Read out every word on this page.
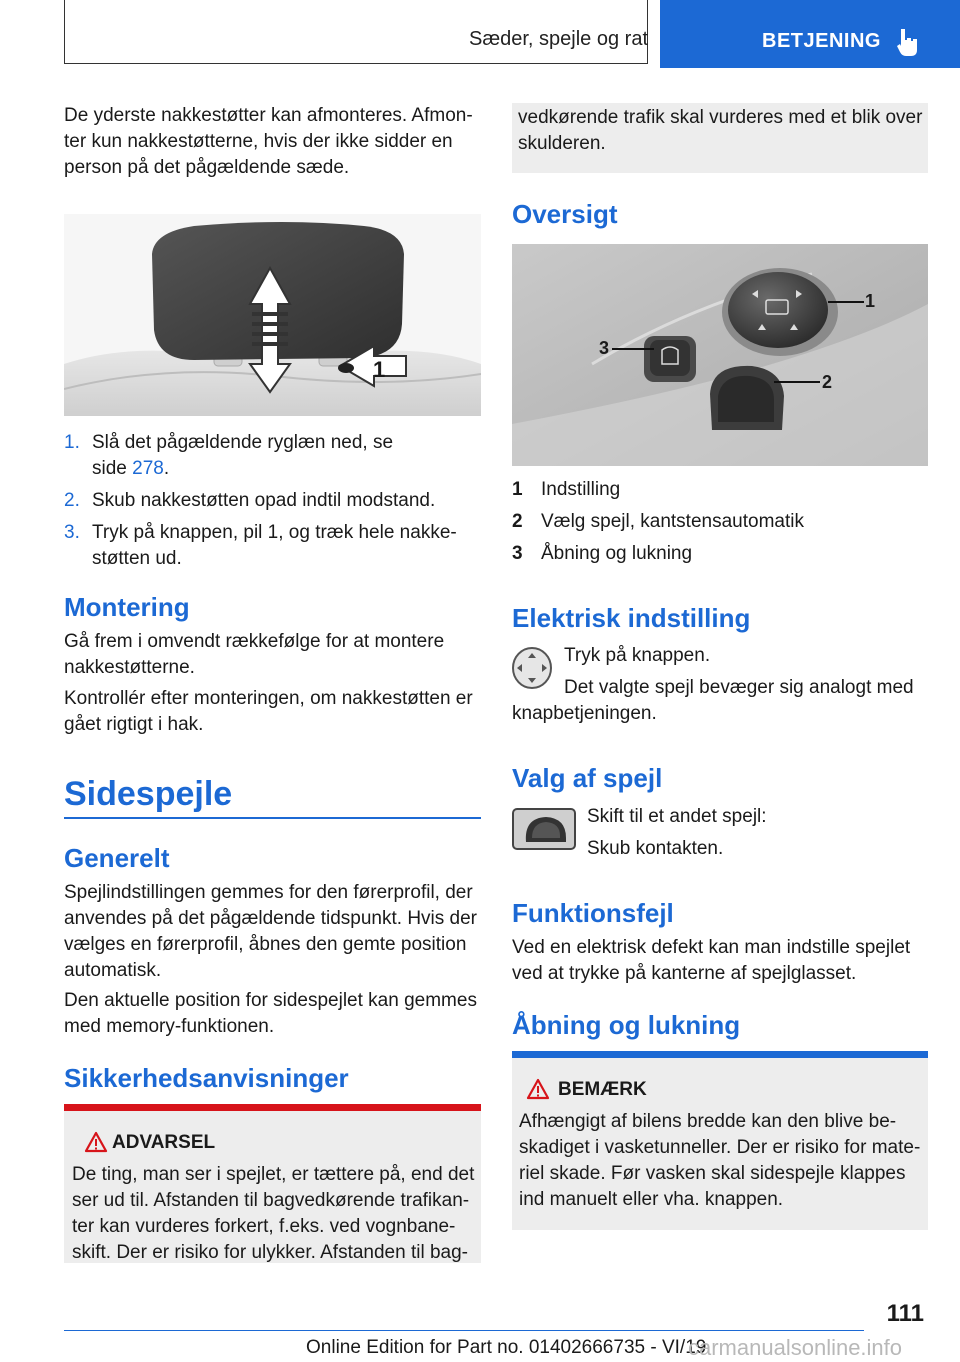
Sæder, spejle og rat	BETJENING
De yderste nakkestøtter kan afmonteres. Afmon-
ter kun nakkestøtterne, hvis der ikke sidder en
person på det pågældende sæde.
1
1. Slå det pågældende ryglæn ned, se
side 278.
2. Skub nakkestøtten opad indtil modstand.
3. Tryk på knappen, pil 1, og træk hele nakke-
støtten ud.
Montering
Gå frem i omvendt rækkefølge for at montere
nakkestøtterne.
Kontrollér efter monteringen, om nakkestøtten er
gået rigtigt i hak.
Sidespejle
Generelt
Spejlindstillingen gemmes for den førerprofil, der
anvendes på det pågældende tidspunkt. Hvis der
vælges en førerprofil, åbnes den gemte position
automatisk.
Den aktuelle position for sidespejlet kan gemmes
med memory-funktionen.
Sikkerhedsanvisninger
ADVARSEL
De ting, man ser i spejlet, er tættere på, end det
ser ud til. Afstanden til bagvedkørende trafikan-
ter kan vurderes forkert, f.eks. ved vognbane-
skift. Der er risiko for ulykker. Afstanden til bag-
vedkørende trafik skal vurderes med et blik over
skulderen.
Oversigt
1
2
3
1 Indstilling
2 Vælg spejl, kantstensautomatik
3 Åbning og lukning
Elektrisk indstilling
Tryk på knappen.
Det valgte spejl bevæger sig analogt med
knapbetjeningen.
Valg af spejl
Skift til et andet spejl:
Skub kontakten.
Funktionsfejl
Ved en elektrisk defekt kan man indstille spejlet
ved at trykke på kanterne af spejlglasset.
Åbning og lukning
BEMÆRK
Afhængigt af bilens bredde kan den blive be-
skadiget i vasketunneller. Der er risiko for mate-
riel skade. Før vasken skal sidespejle klappes
ind manuelt eller vha. knappen.
111
Online Edition for Part no. 01402666735 - VI/19
carmanualsonline.info
